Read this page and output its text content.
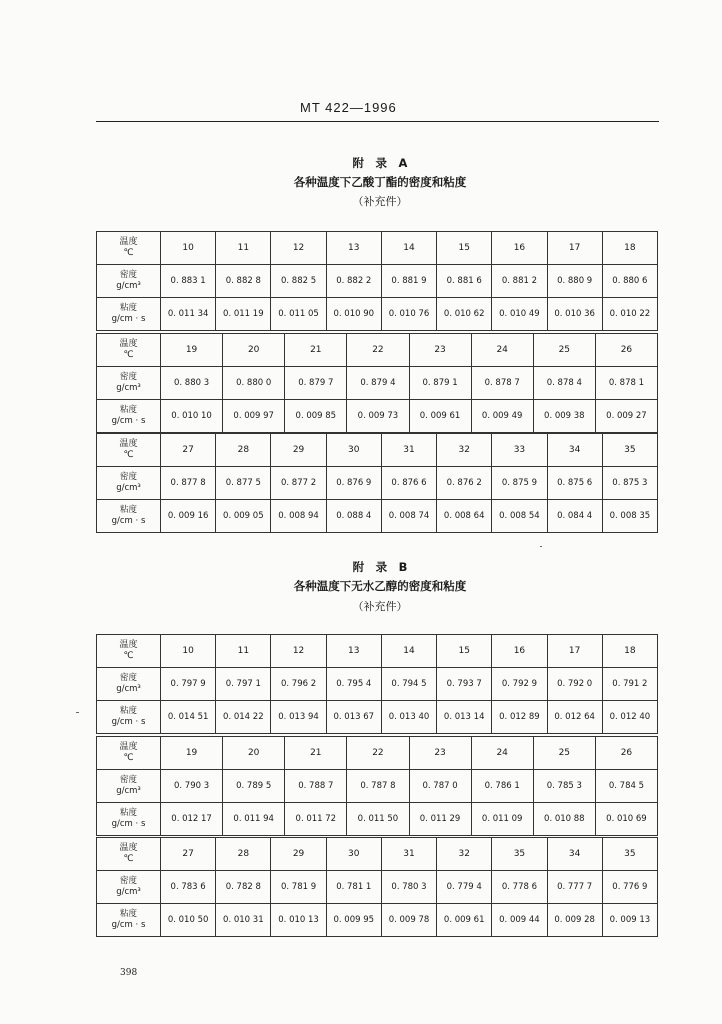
MT 422—1996
附　录　A
各种温度下乙酸丁酯的密度和粘度
（补充件）
温度
℃	10	11	12	13	14	15	16	17	18

密度
g/cm³	0. 883 1	0. 882 8	0. 882 5	0. 882 2	0. 881 9	0. 881 6	0. 881 2	0. 880 9	0. 880 6

粘度
g/cm · s	0. 011 34	0. 011 19	0. 011 05	0. 010 90	0. 010 76	0. 010 62	0. 010 49	0. 010 36	0. 010 22
温度
℃	19	20	21	22	23	24	25	26

密度
g/cm³	0. 880 3	0. 880 0	0. 879 7	0. 879 4	0. 879 1	0. 878 7	0. 878 4	0. 878 1

粘度
g/cm · s	0. 010 10	0. 009 97	0. 009 85	0. 009 73	0. 009 61	0. 009 49	0. 009 38	0. 009 27
温度
℃	27	28	29	30	31	32	33	34	35

密度
g/cm³	0. 877 8	0. 877 5	0. 877 2	0. 876 9	0. 876 6	0. 876 2	0. 875 9	0. 875 6	0. 875 3

粘度
g/cm · s	0. 009 16	0. 009 05	0. 008 94	0. 088 4	0. 008 74	0. 008 64	0. 008 54	0. 084 4	0. 008 35
附　录　B
各种温度下无水乙醇的密度和粘度
（补充件）
温度
℃	10	11	12	13	14	15	16	17	18

密度
g/cm³	0. 797 9	0. 797 1	0. 796 2	0. 795 4	0. 794 5	0. 793 7	0. 792 9	0. 792 0	0. 791 2

粘度
g/cm · s	0. 014 51	0. 014 22	0. 013 94	0. 013 67	0. 013 40	0. 013 14	0. 012 89	0. 012 64	0. 012 40
温度
℃	19	20	21	22	23	24	25	26

密度
g/cm³	0. 790 3	0. 789 5	0. 788 7	0. 787 8	0. 787 0	0. 786 1	0. 785 3	0. 784 5

粘度
g/cm · s	0. 012 17	0. 011 94	0. 011 72	0. 011 50	0. 011 29	0. 011 09	0. 010 88	0. 010 69
温度
℃	27	28	29	30	31	32	35	34	35

密度
g/cm³	0. 783 6	0. 782 8	0. 781 9	0. 781 1	0. 780 3	0. 779 4	0. 778 6	0. 777 7	0. 776 9

粘度
g/cm · s	0. 010 50	0. 010 31	0. 010 13	0. 009 95	0. 009 78	0. 009 61	0. 009 44	0. 009 28	0. 009 13
398
